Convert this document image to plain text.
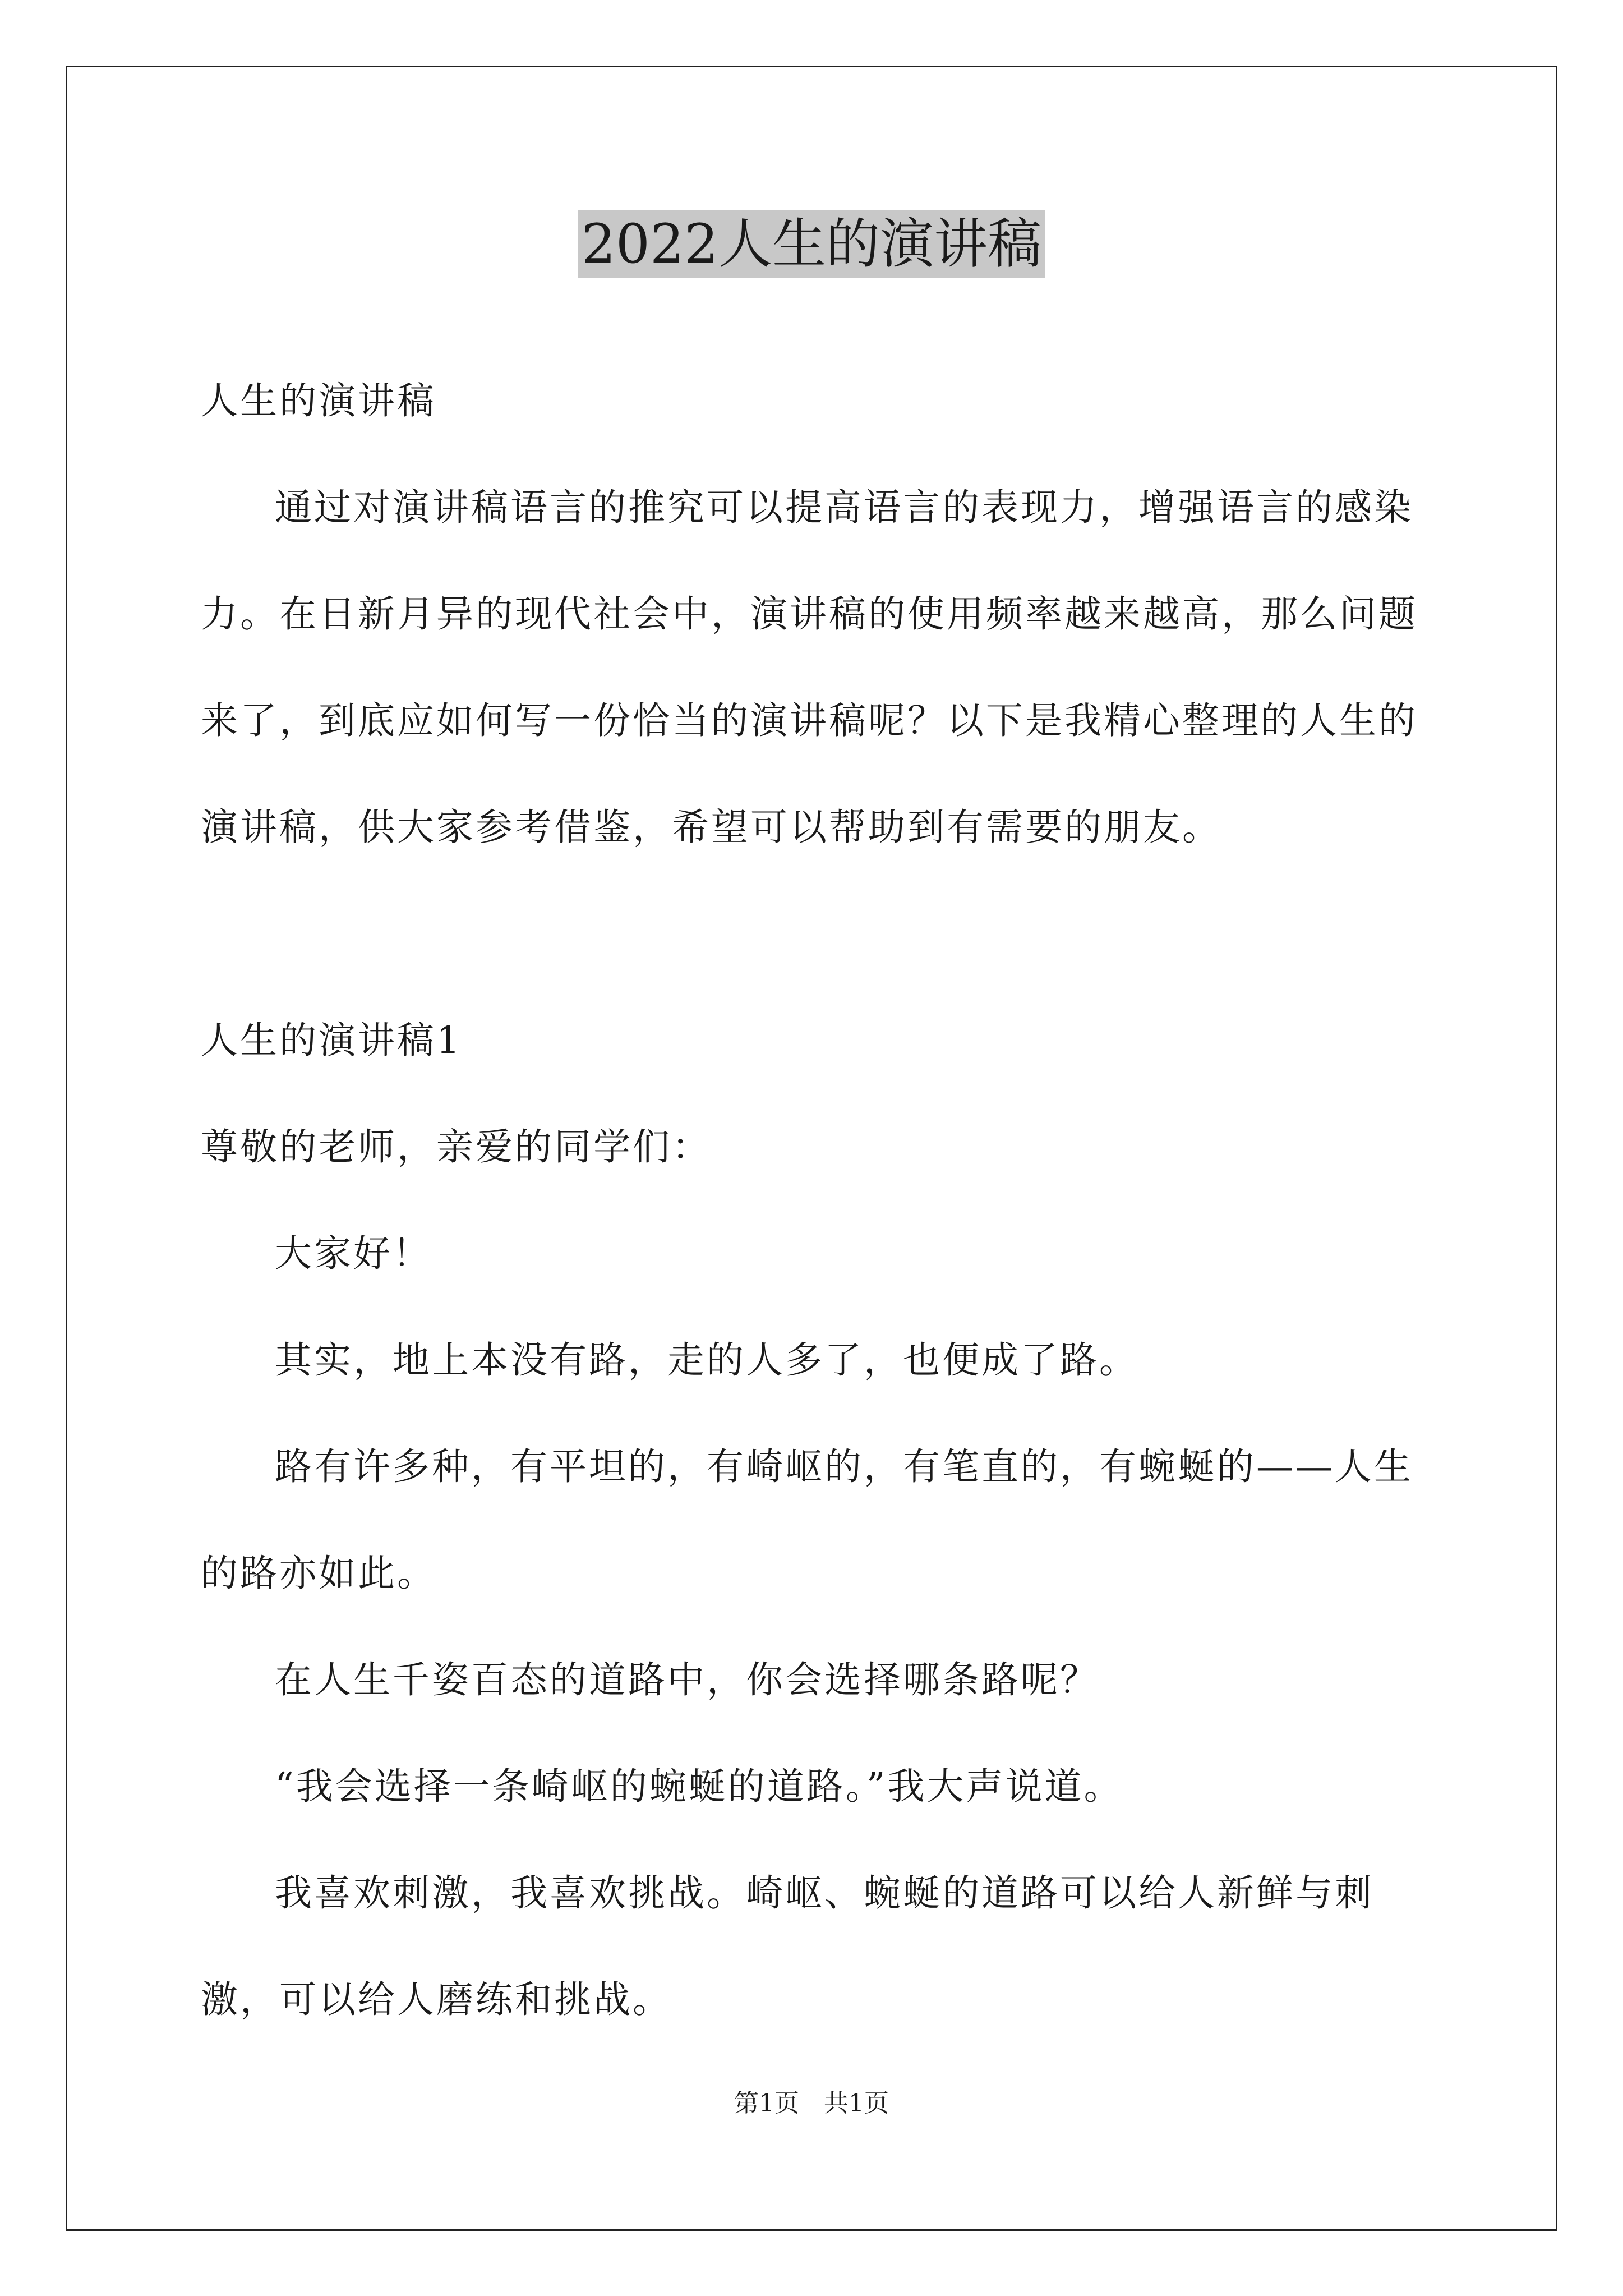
2022人生的演讲稿

人生的演讲稿

通过对演讲稿语言的推究可以提高语言的表现力，增强语言的感染力。在日新月异的现代社会中，演讲稿的使用频率越来越高，那么问题来了，到底应如何写一份恰当的演讲稿呢？以下是我精心整理的人生的演讲稿，供大家参考借鉴，希望可以帮助到有需要的朋友。

人生的演讲稿1

尊敬的老师，亲爱的同学们：

大家好！

其实，地上本没有路，走的人多了，也便成了路。

路有许多种，有平坦的，有崎岖的，有笔直的，有蜿蜒的——人生的路亦如此。

在人生千姿百态的道路中，你会选择哪条路呢？

“我会选择一条崎岖的蜿蜒的道路。”我大声说道。

我喜欢刺激，我喜欢挑战。崎岖、蜿蜒的道路可以给人新鲜与刺激，可以给人磨练和挑战。

第1页　共1页
